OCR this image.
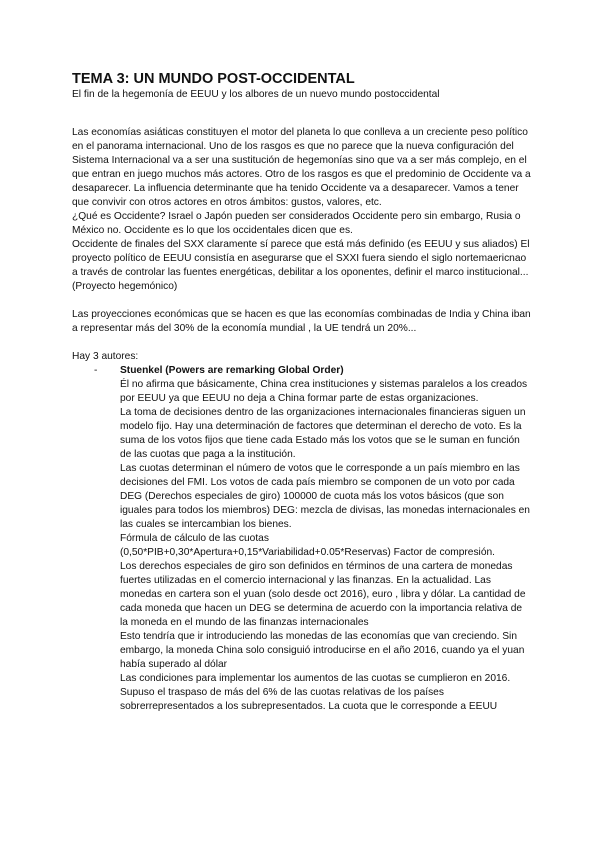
TEMA 3: UN MUNDO POST-OCCIDENTAL

El fin de la hegemonía de EEUU y los albores de un nuevo mundo postoccidental

Las economías asiáticas constituyen el motor del planeta lo que conlleva a un creciente peso político en el panorama internacional. Uno de los rasgos es que no parece que la nueva configuración del Sistema Internacional va a ser una sustitución de hegemonías sino que va a ser más complejo, en el que entran en juego muchos más actores. Otro de los rasgos es que el predominio de Occidente va a desaparecer. La influencia determinante que ha tenido Occidente va a desaparecer. Vamos a tener que convivir con otros actores en otros ámbitos: gustos, valores, etc.

¿Qué es Occidente? Israel o Japón pueden ser considerados Occidente pero sin embargo, Rusia o México no. Occidente es lo que los occidentales dicen que es.

Occidente de finales del SXX claramente sí parece que está más definido (es EEUU y sus aliados) El proyecto político de EEUU consistía en asegurarse que el SXXI fuera siendo el siglo nortemaericnao a través de controlar las fuentes energéticas, debilitar a los oponentes, definir el marco institucional... (Proyecto hegemónico)

Las proyecciones económicas que se hacen es que las economías combinadas de India y China iban a representar más del 30% de la economía mundial , la UE tendrá un 20%...

Hay 3 autores:

- Stuenkel (Powers are remarking Global Order)

Él no afirma que básicamente, China crea instituciones y sistemas paralelos a los creados por EEUU ya que EEUU no deja a China formar parte de estas organizaciones.

La toma de decisiones dentro de las organizaciones internacionales financieras siguen un modelo fijo. Hay una determinación de factores que determinan el derecho de voto. Es la suma de los votos fijos que tiene cada Estado más los votos que se le suman en función de las cuotas que paga a la institución.

Las cuotas determinan el número de votos que le corresponde a un país miembro en las decisiones del FMI. Los votos de cada país miembro se componen de un voto por cada DEG (Derechos especiales de giro) 100000 de cuota más los votos básicos (que son iguales para todos los miembros) DEG: mezcla de divisas, las monedas internacionales en las cuales se intercambian los bienes.

Fórmula de cálculo de las cuotas

(0,50*PIB+0,30*Apertura+0,15*Variabilidad+0.05*Reservas) Factor de compresión.

Los derechos especiales de giro son definidos en términos de una cartera de monedas fuertes utilizadas en el comercio internacional y las finanzas. En la actualidad. Las monedas en cartera son el yuan (solo desde oct 2016), euro , libra y dólar. La cantidad de cada moneda que hacen un DEG se determina de acuerdo con la importancia relativa de la moneda en el mundo de las finanzas internacionales

Esto tendría que ir introduciendo las monedas de las economías que van creciendo. Sin embargo, la moneda China solo consiguió introducirse en el año 2016, cuando ya el yuan había superado al dólar

Las condiciones para implementar los aumentos de las cuotas se cumplieron en 2016. Supuso el traspaso de más del 6% de las cuotas relativas de los países sobrerrepresentados a los subrepresentados. La cuota que le corresponde a EEUU
